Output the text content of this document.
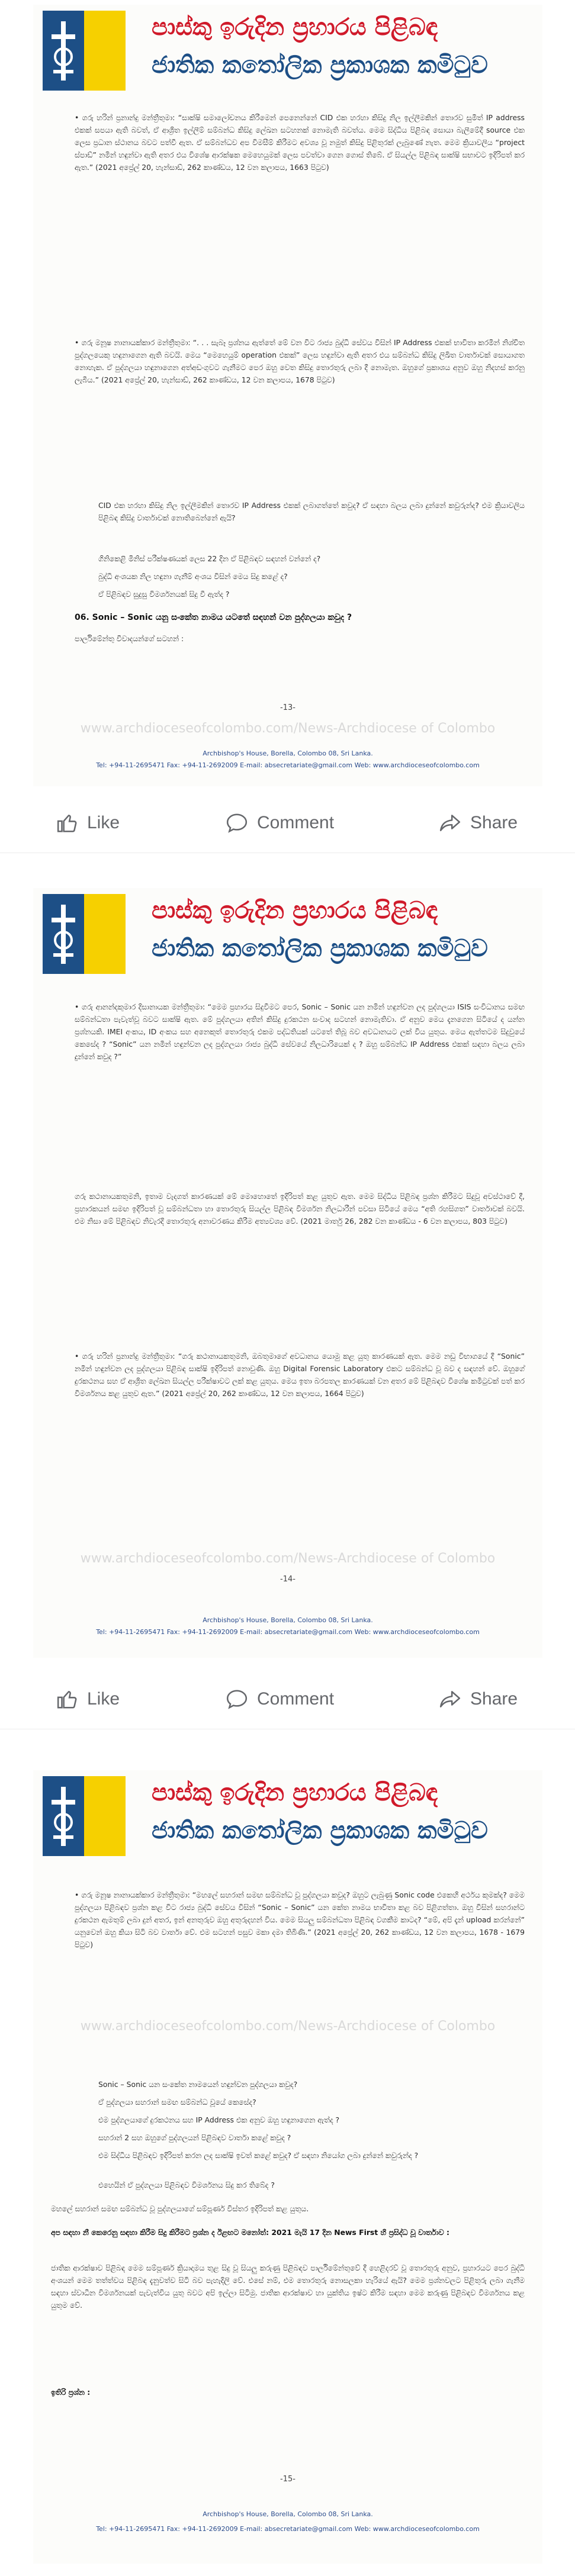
පාස්කු ඉරුදින ප්‍රහාරය පිළිබඳ
ජාතික කතෝලික ප්‍රකාශක කමිටුව
• ගරු හරින් ප්‍රනාන්දු මන්ත්‍රීතුමා: “සාක්ෂි සමාලෝචනය කිරීමෙන් පෙනෙන්නේ CID එක හරහා කිසිදු නිල ඉල්ලීමකින් තොරව සුමිත් IP address එකක් සපයා ඇති බවත්, ඒ ආශ්‍රිත ඉල්ලීම් සම්බන්ධ කිසිදු ලේඛන සටහනක් නොමැති බවත්ය. මෙම සිද්ධිය පිළිබඳ සොයා බැලීමේදී source එක ලෙස ප්‍රධාන ස්ථානය බවට පත්වී ඇත. ඒ සම්බන්ධව අප විමසීම් කිරීමට අවශ්‍ය වූ නමුත් කිසිදු පිළිතුරක් ලැබුණේ නැත. මෙම ක්‍රියාවලිය “project ස්පාඩ්” නමින් හඳුන්වා ඇති අතර එය විශේෂ ආරක්ෂක මෙහෙයුමක් ලෙස පවත්වා ගෙන ගොස් තිබේ. ඒ සියල්ල පිළිබඳ සාක්ෂි සභාවට ඉදිරිපත් කර ඇත.” (2021 අප්‍රේල් 20, හැන්සාඩ්, 262 කාණ්ඩය, 12 වන කලාපය, 1663 පිටුව)
• ගරු මනූෂ නානායක්කාර මන්ත්‍රීතුමා: “. . . සැබෑ ප්‍රශ්නය ඇත්තේ මේ වන විට රාජ්‍ය බුද්ධි සේවය විසින් IP Address එකක් භාවිතා කරමින් නිශ්චිත පුද්ගලයෙකු හඳුනාගෙන ඇති බවයි. මෙය “මෙහෙයුම් operation එකක්” ලෙස හඳුන්වා ඇති අතර එය සම්බන්ධ කිසිදු ලිඛිත වාර්තාවක් සොයාගත නොහැක. ඒ පුද්ගලයා හඳුනාගෙන අත්අඩංගුවට ගැනීමට පෙර ඔහු වෙත කිසිදු තොරතුරු ලබා දී නොමැත. ඔහුගේ ප්‍රකාශය අනුව ඔහු නිදහස් කරනු ලැබීය.” (2021 අප්‍රේල් 20, හැන්සාඩ්, 262 කාණ්ඩය, 12 වන කලාපය, 1678 පිටුව)
CID එක හරහා කිසිදු නිල ඉල්ලීමකින් තොරව IP Address එකක් ලබාගත්තේ කවුද? ඒ සඳහා බලය ලබා දුන්නේ කවුරුන්ද? එම ක්‍රියාවලිය පිළිබඳ කිසිදු වාර්තාවක් නොතිබෙන්නේ ඇයි?
ගිනිකෙළි මිනිස් පරීක්ෂණයක් ලෙස 22 දින ඒ පිළිබඳව සඳහන් වන්නේ ද?
බුද්ධි අංශයක නිල හඳුනා ගැනීම් අංශය විසින් මෙය සිදු කළේ ද?
ඒ පිළිබඳව සුදුසු විමර්ශනයක් සිදු වී ඇත්ද ?
06. Sonic – Sonic යනු සංකේත නාමය යටතේ සඳහන් වන පුද්ගලයා කවුද ?
පාර්ලිමේන්තු විවාදයන්ගේ සටහන් :
-13-
www.archdioceseofcolombo.com/News-Archdiocese of Colombo
Archbishop's House, Borella, Colombo 08, Sri Lanka.
Tel: +94-11-2695471 Fax: +94-11-2692009 E-mail: absecretariate@gmail.com Web: www.archdioceseofcolombo.com
Like	Comment	Share
පාස්කු ඉරුදින ප්‍රහාරය පිළිබඳ
ජාතික කතෝලික ප්‍රකාශක කමිටුව
• ගරු ආනන්දකුමාර දිසානායක මන්ත්‍රීතුමා: “මෙම ප්‍රහාරය සිදුවීමට පෙර, Sonic – Sonic යන නමින් හඳුන්වන ලද පුද්ගලයා ISIS සංවිධානය සමඟ සම්බන්ධතා පැවැත්වූ බවට සාක්ෂි ඇත. මේ පුද්ගලයා අතින් කිසිදු දුරකථන සංවාද සටහන් නොමැතිවා. ඒ අනුව මෙය දැනගෙන සිටියේ ද යන්න ප්‍රශ්නයකි. IMEI අංකය, ID අංකය සහ අනෙකුත් තොරතුරු එකම පද්ධතියක් යටතේ තිබූ බව අවධානයට ලක් විය යුතුය. මෙය ඇත්තටම සිදුවුයේ කෙසේද ? “Sonic” යන නමින් හඳුන්වන ලද පුද්ගලයා රාජ්‍ය බුද්ධි සේවයේ නිලධාරියෙක් ද ? ඔහු සම්බන්ධ IP Address එකක් සඳහා බලය ලබා දුන්නේ කවුද ?”
ගරු කථානායකතුමනි, ඉතාම වැදගත් කාරණයක් මේ මොහොතේ ඉදිරිපත් කළ යුතුව ඇත. මෙම සිද්ධිය පිළිබඳ ප්‍රශ්න කිරීමට සිදුවූ අවස්ථාවේ දී, ප්‍රහාරකයන් සමඟ ඉදිරිපත් වූ සම්බන්ධතා හා තොරතුරු සියල්ල පිළිබඳ විමර්ශන නිලධාරීන් පවසා සිටියේ මෙය “අති රහසිගත” වාර්තාවක් බවයි. එම නිසා මේ පිළිබඳව නිවැරදි තොරතුරු අනාවරණය කිරීම අත්‍යවශ්‍ය වේ. (2021 මාර්තු 26, 282 වන කාණ්ඩය - 6 වන කලාපය, 803 පිටුව)
• ගරු හරින් ප්‍රනාන්දු මන්ත්‍රීතුමා: “ගරු කථානායකතුමනි, ඔබතුමාගේ අවධානය යොමු කළ යුතු කාරණයක් ඇත. මෙම නඩු විභාගයේ දී “Sonic” නමින් හඳුන්වන ලද පුද්ගලයා පිළිබඳ සාක්ෂි ඉදිරිපත් නොවුණි. ඔහු Digital Forensic Laboratory එකට සම්බන්ධ වූ බව ද සඳහන් වේ. ඔහුගේ දුරකථනය සහ ඒ ආශ්‍රිත ලේඛන සියල්ල පරීක්ෂාවට ලක් කළ යුතුය. මෙය ඉතා බරපතල කාරණයක් වන අතර මේ පිළිබඳව විශේෂ කමිටුවක් පත් කර විමර්ශනය කළ යුතුව ඇත.” (2021 අප්‍රේල් 20, 262 කාණ්ඩය, 12 වන කලාපය, 1664 පිටුව)
-14-
www.archdioceseofcolombo.com/News-Archdiocese of Colombo
Archbishop's House, Borella, Colombo 08, Sri Lanka.
Tel: +94-11-2695471 Fax: +94-11-2692009 E-mail: absecretariate@gmail.com Web: www.archdioceseofcolombo.com
Like	Comment	Share
පාස්කු ඉරුදින ප්‍රහාරය පිළිබඳ
ජාතික කතෝලික ප්‍රකාශක කමිටුව
• ගරු මනූෂ නානායක්කාර මන්ත්‍රීතුමා: “මහලේ සහරාන් සමඟ සම්බන්ධ වූ පුද්ගලයා කවුද? ඔහුට ලැබුණු Sonic code එකෙහි අර්ථය කුමක්ද? මෙම පුද්ගලයා පිළිබඳව ප්‍රශ්න කළ විට රාජ්‍ය බුද්ධි සේවය විසින් “Sonic – Sonic” යන කේත නාමය භාවිතා කළ බව පිළිගත්තා. ඔහු විසින් සහරාන්ට දුරකථන ඇමතුම් ලබා දුන් අතර, ඉන් අනතුරුව ඔහු අතුරුදහන් විය. මෙම සියලු සම්බන්ධතා පිළිබඳ වගකීම කාටද? “මේ, අපි දැන් upload කරන්නේ” යනුවෙන් ඔහු කියා සිටි බව වාර්තා වේ. එම සටහන් පසුව මකා දමා තිබිණි.” (2021 අප්‍රේල් 20, 262 කාණ්ඩය, 12 වන කලාපය, 1678 - 1679 පිටුව)
Sonic – Sonic යන සංකේත නාමයෙන් හඳුන්වන පුද්ගලයා කවුද?
ඒ පුද්ගලයා සහරාන් සමඟ සම්බන්ධ වූයේ කෙසේද?
එම පුද්ගලයාගේ දුරකථනය සහ IP Address එක අනුව ඔහු හඳුනාගෙන ඇත්ද ?
සහරාන් 2 සහ ඔහුගේ පුද්ගලයන් පිළිබඳව වාර්තා කළේ කවුද ?
එම සිද්ධිය පිළිබඳව ඉදිරිපත් කරන ලද සාක්ෂි ඉවත් කළේ කවුද? ඒ සඳහා නියෝග ලබා දුන්නේ කවුරුන්ද ?
එහෙයින් ඒ පුද්ගලයා පිළිබඳව විමර්ශනය සිදු කර තිබේද ?
මහලේ සහරාන් සමඟ සම්බන්ධ වූ පුද්ගලයාගේ සම්පූර්ණ විස්තර ඉදිරිපත් කළ යුතුය.
අප සඳහා නී කෙරෙනු සඳහා කිරීම සිදු කිරීමට ප්‍රශ්න ද ඊළඟට මනෝත්: 2021 මැයි 17 දින News First හි ප්‍රසිද්ධ වූ වාර්තාව :
ජාතික ආරක්ෂාව පිළිබඳ මෙම සම්පූර්ණ ක්‍රියාදාමය තුළ සිදු වූ සියලු කරුණු පිළිබඳව පාර්ලිමේන්තුවේ දී හෙළිදරව් වූ තොරතුරු අනුව, ප්‍රහාරයට පෙර බුද්ධි අංශයන් මෙම තත්ත්වය පිළිබඳ දැනුවත්ව සිටි බව පැහැදිලි වේ. එසේ නම්, එම තොරතුරු නොසලකා හැරියේ ඇයි? මෙම ප්‍රශ්නවලට පිළිතුරු ලබා ගැනීම සඳහා ස්වාධීන විමර්ශනයක් පැවැත්විය යුතු බවට අපි ඉල්ලා සිටිමු. ජාතික ආරක්ෂාව හා යුක්තිය ඉෂ්ට කිරීම සඳහා මෙම කරුණු පිළිබඳව විමර්ශනය කළ යුතුම වේ.
ඉතිරි ප්‍රශ්න :
-15-
www.archdioceseofcolombo.com/News-Archdiocese of Colombo
Archbishop's House, Borella, Colombo 08, Sri Lanka.
Tel: +94-11-2695471 Fax: +94-11-2692009 E-mail: absecretariate@gmail.com Web: www.archdioceseofcolombo.com
